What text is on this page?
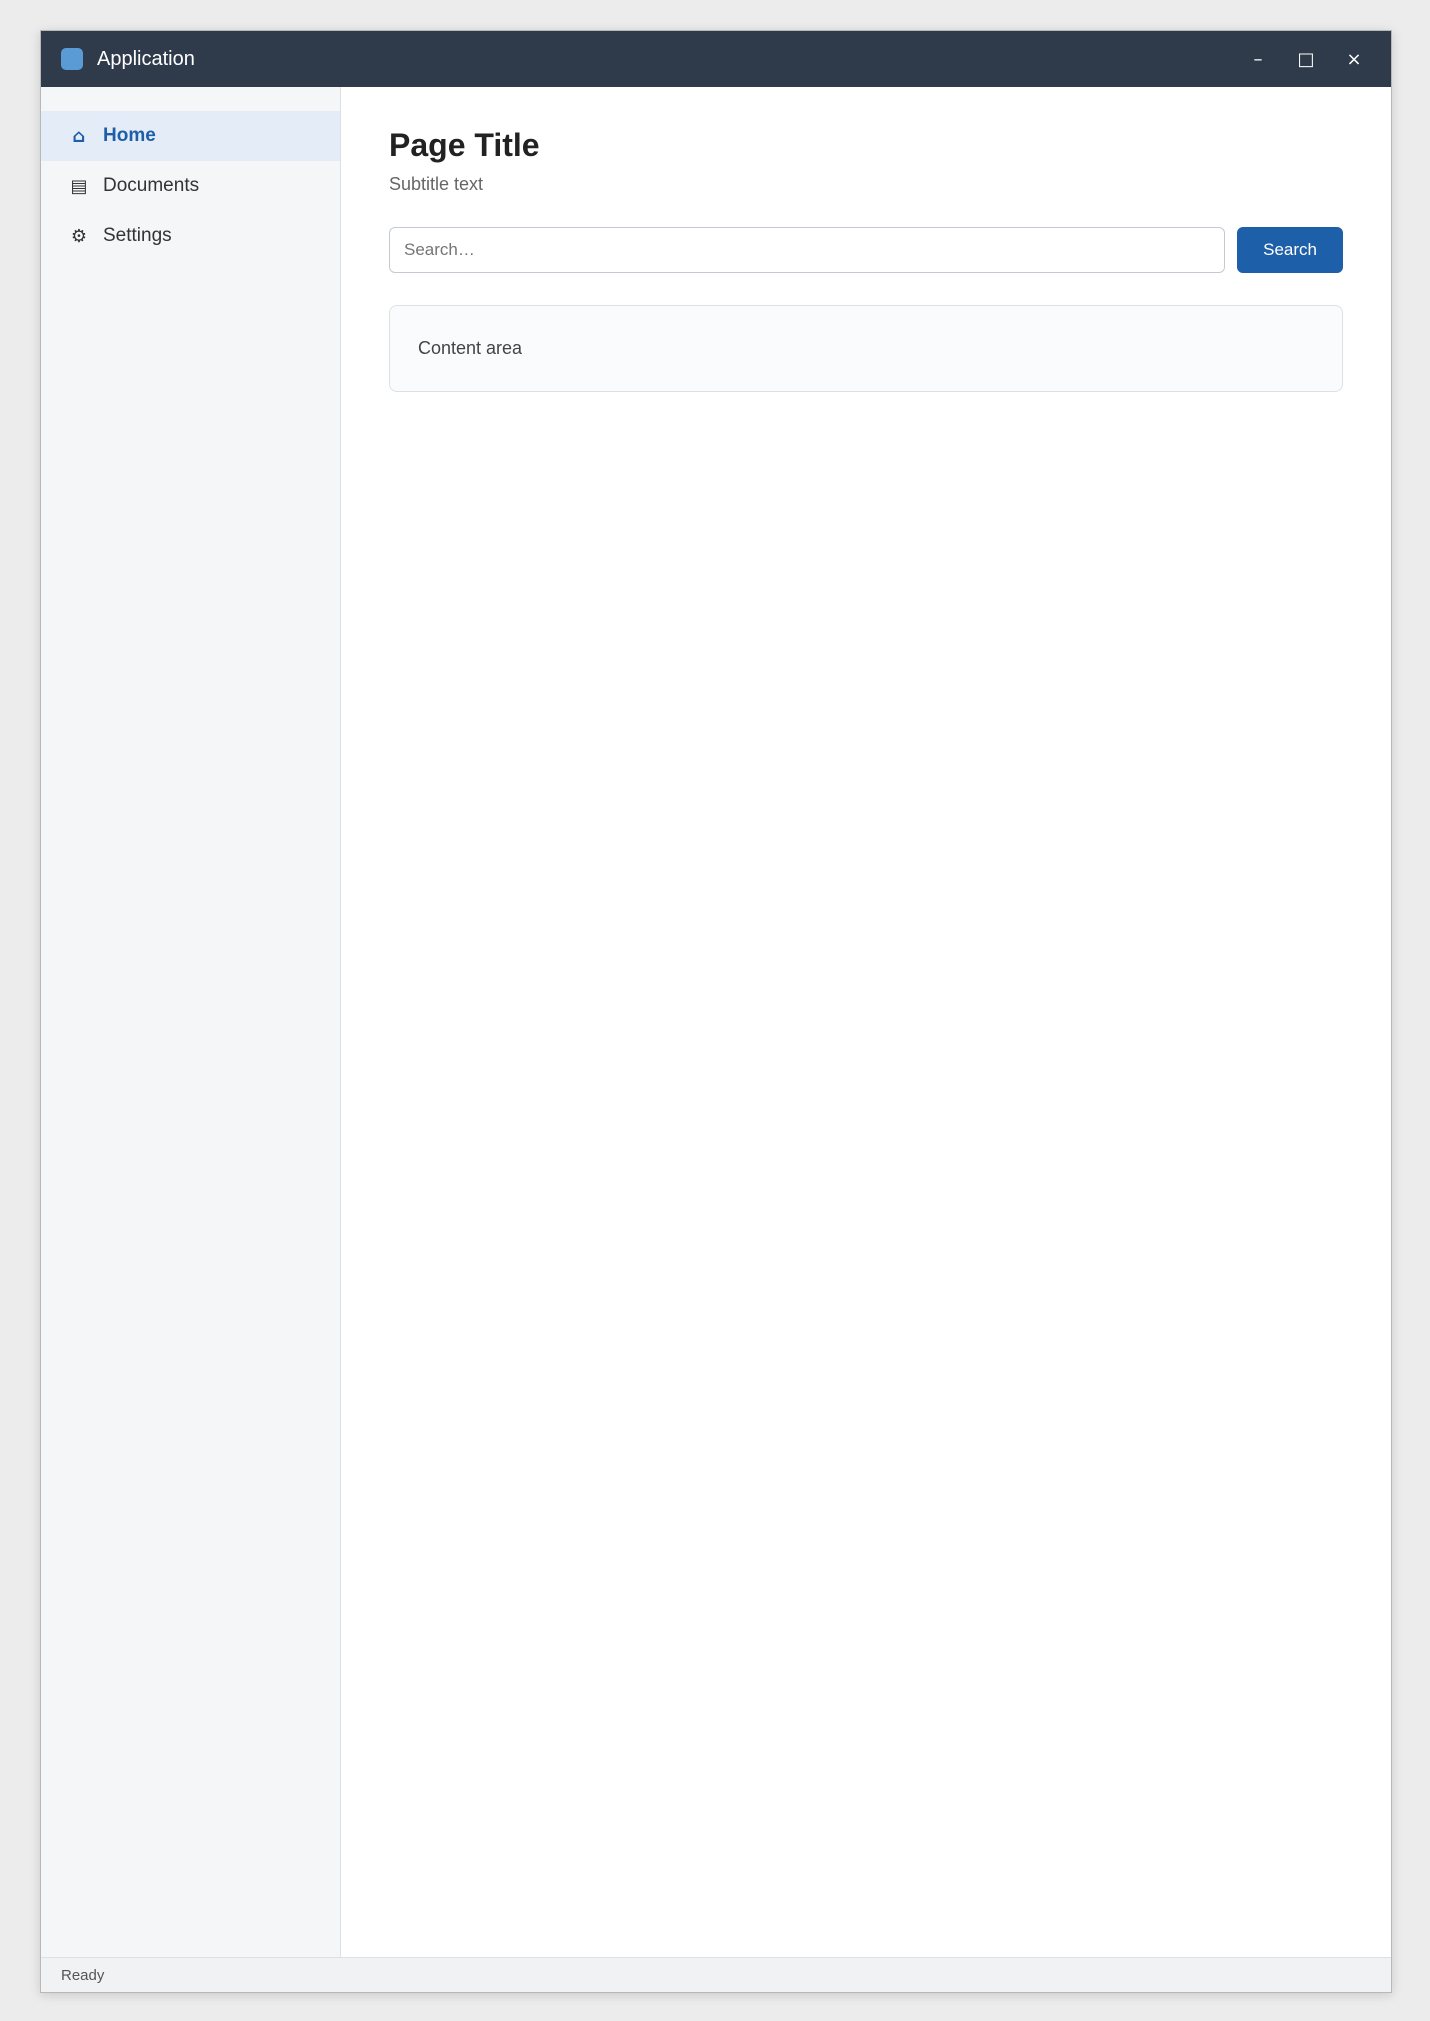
Application	–	□	×
⌂ Home
▤ Documents
⚙ Settings
Page Title

Subtitle text

Search…
Search
Content area
Ready
